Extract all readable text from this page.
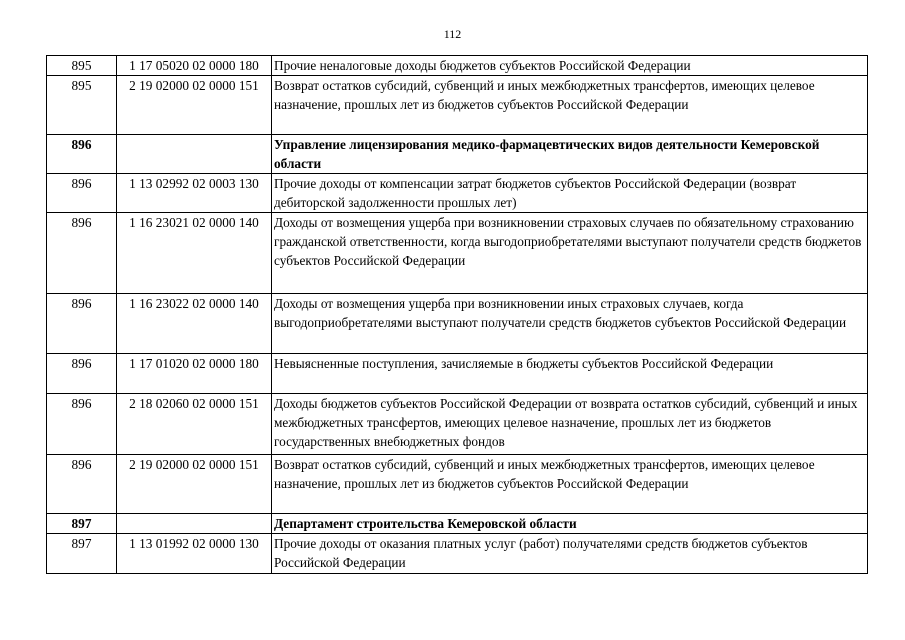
112
895	1 17 05020 02 0000 180	Прочие неналоговые доходы бюджетов субъектов Российской Федерации
895	2 19 02000 02 0000 151	Возврат остатков субсидий, субвенций и иных межбюджетных трансфертов, имеющих целевое назначение, прошлых лет из бюджетов субъектов Российской Федерации
896		Управление лицензирования медико-фармацевтических видов деятельности Кемеровской области
896	1 13 02992 02 0003 130	Прочие доходы от компенсации затрат бюджетов субъектов Российской Федерации (возврат дебиторской задолженности прошлых лет)
896	1 16 23021 02 0000 140	Доходы от возмещения ущерба при возникновении страховых случаев по обязательному страхованию гражданской ответственности, когда выгодоприобретателями выступают получатели средств бюджетов субъектов Российской Федерации
896	1 16 23022 02 0000 140	Доходы от возмещения ущерба при возникновении иных страховых случаев, когда выгодоприобретателями выступают получатели средств бюджетов субъектов Российской Федерации
896	1 17 01020 02 0000 180	Невыясненные поступления, зачисляемые в бюджеты субъектов Российской Федерации
896	2 18 02060 02 0000 151	Доходы бюджетов субъектов Российской Федерации от возврата остатков субсидий, субвенций и иных межбюджетных трансфертов, имеющих целевое назначение, прошлых лет из бюджетов государственных внебюджетных фондов
896	2 19 02000 02 0000 151	Возврат остатков субсидий, субвенций и иных межбюджетных трансфертов, имеющих целевое назначение, прошлых лет из бюджетов субъектов Российской Федерации
897		Департамент строительства Кемеровской области
897	1 13 01992 02 0000 130	Прочие доходы от оказания платных услуг (работ) получателями средств бюджетов субъектов Российской Федерации
